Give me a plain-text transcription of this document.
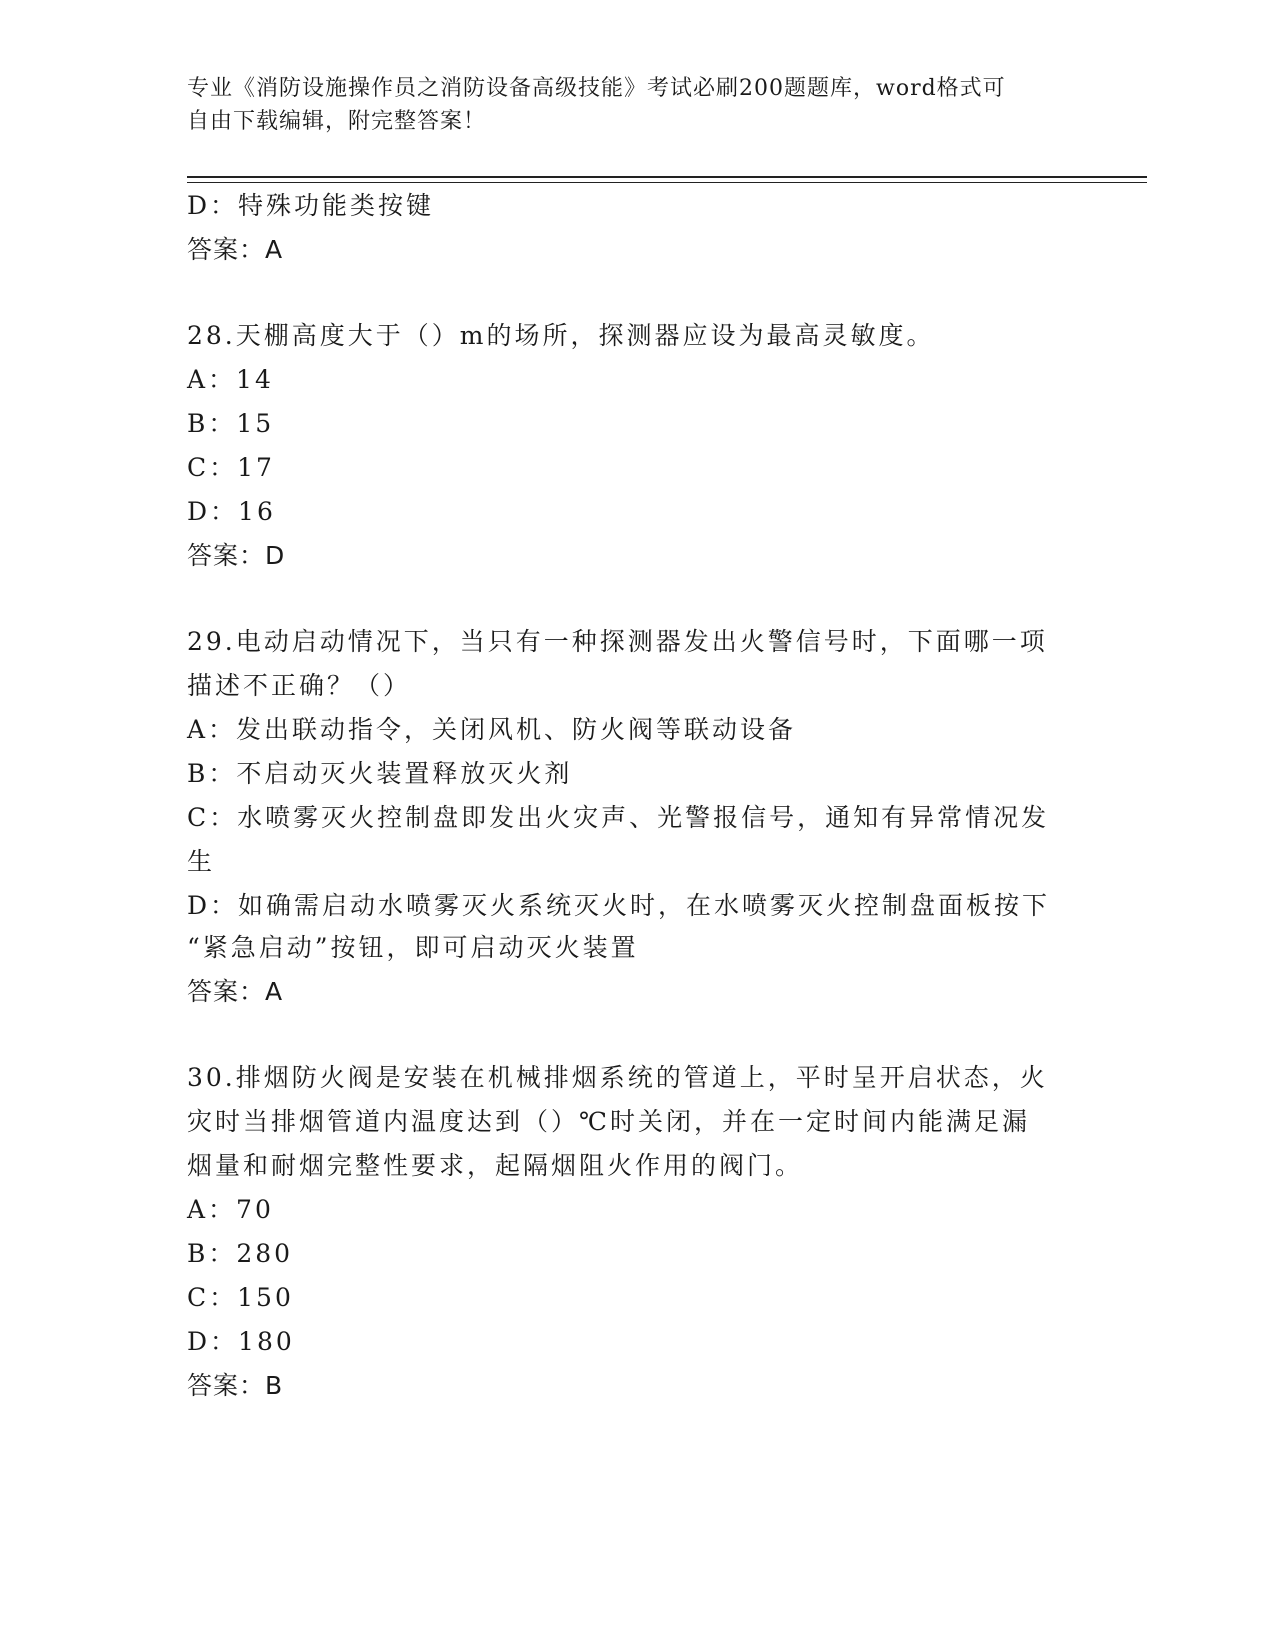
专业《消防设施操作员之消防设备高级技能》考试必刷200题题库，word格式可
自由下载编辑，附完整答案！
D：特殊功能类按键
答案：A
28.天棚高度大于（）m的场所，探测器应设为最高灵敏度。
A：14
B：15
C：17
D：16
答案：D
29.电动启动情况下，当只有一种探测器发出火警信号时，下面哪一项
描述不正确？（）
A：发出联动指令，关闭风机、防火阀等联动设备
B：不启动灭火装置释放灭火剂
C：水喷雾灭火控制盘即发出火灾声、光警报信号，通知有异常情况发
生
D：如确需启动水喷雾灭火系统灭火时，在水喷雾灭火控制盘面板按下
“紧急启动”按钮，即可启动灭火装置
答案：A
30.排烟防火阀是安装在机械排烟系统的管道上，平时呈开启状态，火
灾时当排烟管道内温度达到（）℃时关闭，并在一定时间内能满足漏
烟量和耐烟完整性要求，起隔烟阻火作用的阀门。
A：70
B：280
C：150
D：180
答案：B
